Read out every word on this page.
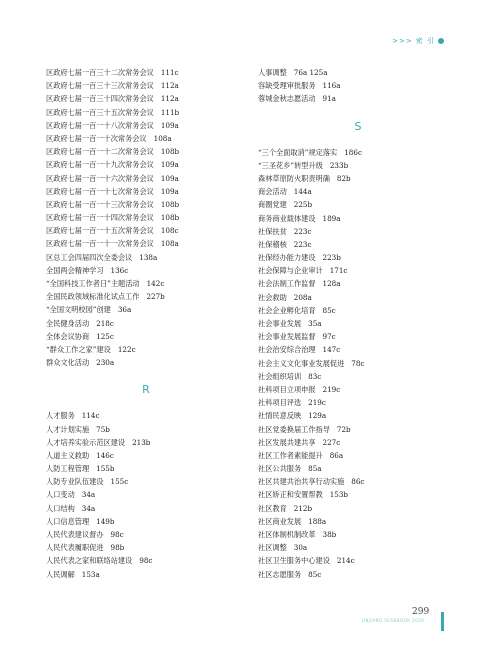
>>> 索 引
区政府七届一百三十二次常务会议 111c
区政府七届一百三十三次常务会议 112a
区政府七届一百三十四次常务会议 112a
区政府七届一百三十五次常务会议 111b
区政府七届一百一十八次常务会议 109a
区政府七届一百一十次常务会议 108a
区政府七届一百一十二次常务会议 108b
区政府七届一百一十九次常务会议 109a
区政府七届一百一十六次常务会议 109a
区政府七届一百一十七次常务会议 109a
区政府七届一百一十三次常务会议 108b
区政府七届一百一十四次常务会议 108b
区政府七届一百一十五次常务会议 108c
区政府七届一百一十一次常务会议 108a
区总工会四届四次全委会议 138a
全国两会精神学习 136c
“全国科技工作者日”主题活动 142c
全国民政领域标准化试点工作 227b
“全国文明校园”创建 36a
全民健身活动 218c
全体会议协商 125c
“群众工作之家”建设 122c
群众文化活动 230a
R
人才服务 114c
人才计划实施 75b
人才培养实验示范区建设 213b
人道主义救助 146c
人防工程管理 155b
人防专业队伍建设 155c
人口变动 34a
人口结构 34a
人口信息管理 149b
人民代表建议督办 98c
人民代表履职促进 98b
人民代表之家和联络站建设 98c
人民调解 153a
人事调整 76a 125a
容缺受理审批服务 116a
蓉城金秋志愿活动 91a
S
“三个全面取消”规定落实 186c
“三圣花乡”转型升级 233b
森林草原防火职责明确 82b
商会活动 144a
商圈党建 225b
商务商业载体建设 189a
社保扶贫 223c
社保稽核 223c
社保经办能力建设 223b
社会保障与企业审计 171c
社会法制工作监督 128a
社会救助 208a
社会企业孵化培育 85c
社会事业发展 35a
社会事业发展监督 97c
社会治安综合治理 147c
社会主义文化事业发展促进 78c
社会组织培训 83c
社科项目立项申报 219c
社科项目评选 219c
社情民意反映 129a
社区党委换届工作指导 72b
社区发展共建共享 227c
社区工作者素能提升 86a
社区公共服务 85a
社区共建共治共享行动实施 86c
社区矫正和安置帮教 153b
社区教育 212b
社区商业发展 188a
社区体制机制改革 38b
社区调整 30a
社区卫生服务中心建设 214c
社区志愿服务 85c
299
JINJIANG YEARBOOK 2020
